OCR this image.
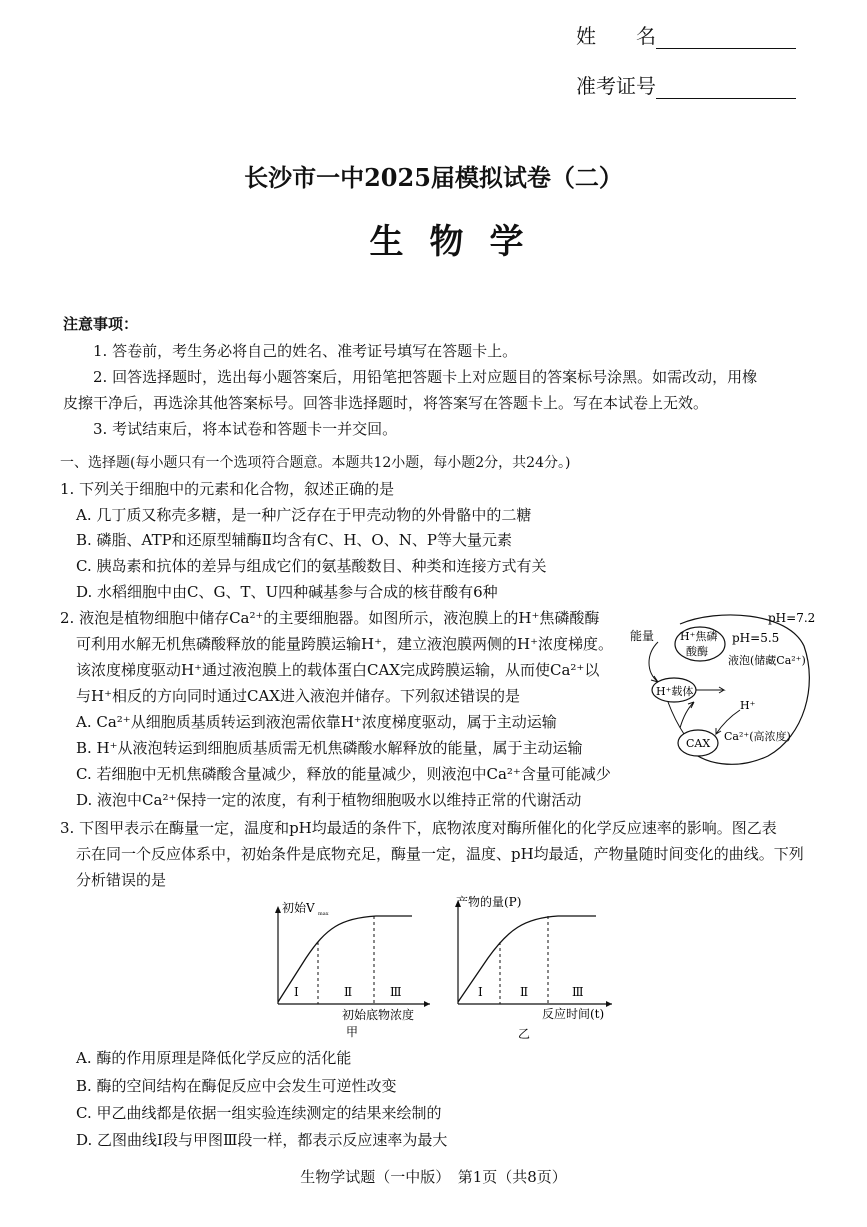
姓　　名
准考证号
长沙市一中2025届模拟试卷（二）
生物学
注意事项：
1. 答卷前，考生务必将自己的姓名、准考证号填写在答题卡上。
2. 回答选择题时，选出每小题答案后，用铅笔把答题卡上对应题目的答案标号涂黑。如需改动，用橡
皮擦干净后，再选涂其他答案标号。回答非选择题时，将答案写在答题卡上。写在本试卷上无效。
3. 考试结束后，将本试卷和答题卡一并交回。
一、选择题(每小题只有一个选项符合题意。本题共12小题，每小题2分，共24分。)
1. 下列关于细胞中的元素和化合物，叙述正确的是
A. 几丁质又称壳多糖，是一种广泛存在于甲壳动物的外骨骼中的二糖
B. 磷脂、ATP和还原型辅酶Ⅱ均含有C、H、O、N、P等大量元素
C. 胰岛素和抗体的差异与组成它们的氨基酸数目、种类和连接方式有关
D. 水稻细胞中由C、G、T、U四种碱基参与合成的核苷酸有6种
2. 液泡是植物细胞中储存Ca²⁺的主要细胞器。如图所示，液泡膜上的H⁺焦磷酸酶
可利用水解无机焦磷酸释放的能量跨膜运输H⁺，建立液泡膜两侧的H⁺浓度梯度。
该浓度梯度驱动H⁺通过液泡膜上的载体蛋白CAX完成跨膜运输，从而使Ca²⁺以
与H⁺相反的方向同时通过CAX进入液泡并储存。下列叙述错误的是
A. Ca²⁺从细胞质基质转运到液泡需依靠H⁺浓度梯度驱动，属于主动运输
B. H⁺从液泡转运到细胞质基质需无机焦磷酸水解释放的能量，属于主动运输
C. 若细胞中无机焦磷酸含量减少，释放的能量减少，则液泡中Ca²⁺含量可能减少
D. 液泡中Ca²⁺保持一定的浓度，有利于植物细胞吸水以维持正常的代谢活动
pH=7.2
pH=5.5
能量 H⁺焦磷
酸酶
液泡(储藏Ca²⁺)
H⁺载体
H⁺
CAX
Ca²⁺(高浓度)
3. 下图甲表示在酶量一定，温度和pH均最适的条件下，底物浓度对酶所催化的化学反应速率的影响。图乙表
示在同一个反应体系中，初始条件是底物充足，酶量一定，温度、pH均最适，产物量随时间变化的曲线。下列
分析错误的是
初始V max
Ⅰ	Ⅱ	Ⅲ
初始底物浓度
甲
产物的量(P)
Ⅰ	Ⅱ	Ⅲ
反应时间(t)
乙
A. 酶的作用原理是降低化学反应的活化能
B. 酶的空间结构在酶促反应中会发生可逆性改变
C. 甲乙曲线都是依据一组实验连续测定的结果来绘制的
D. 乙图曲线Ⅰ段与甲图Ⅲ段一样，都表示反应速率为最大
生物学试题（一中版）　第1页（共8页）
